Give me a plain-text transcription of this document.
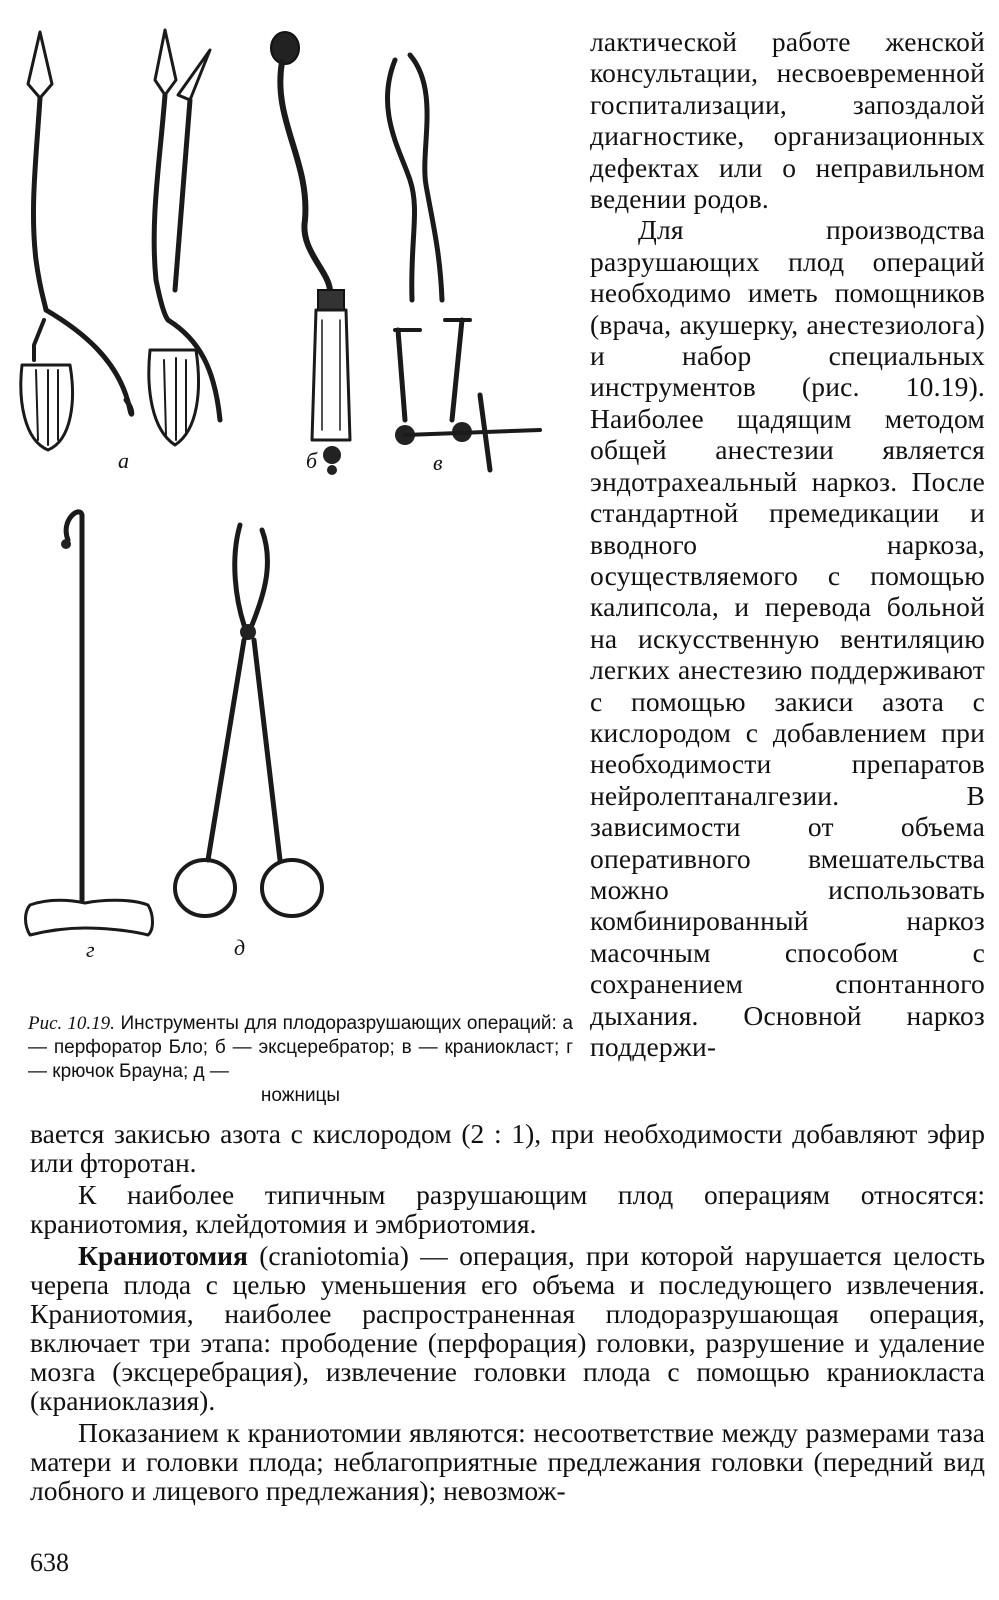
а	б	в
г	д
Рис. 10.19. Инструменты для плодоразрушающих операций: а — перфоратор Бло; б — эксцеребратор; в — краниокласт; г — крючок Брауна; д —
ножницы

лактической работе женской консультации, несвоевременной госпитализации, запоздалой диагностике, организационных дефектах или о неправильном ведении родов.

Для производства разрушающих плод операций необходимо иметь помощников (врача, акушерку, анестезиолога) и набор специальных инструментов (рис. 10.19). Наиболее щадящим методом общей анестезии является эндотрахеальный наркоз. После стандартной премедикации и вводного наркоза, осуществляемого с помощью калипсола, и перевода больной на искусственную вентиляцию легких анестезию поддерживают с помощью закиси азота с кислородом с добавлением при необходимости препаратов нейролептаналгезии. В зависимости от объема оперативного вмешательства можно использовать комбинированный наркоз масочным способом с сохранением спонтанного дыхания. Основной наркоз поддержи-

вается закисью азота с кислородом (2 : 1), при необходимости добавляют эфир или фторотан.

К наиболее типичным разрушающим плод операциям относятся: краниотомия, клейдотомия и эмбриотомия.

Краниотомия (craniotomia) — операция, при которой нарушается целость черепа плода с целью уменьшения его объема и последующего извлечения. Краниотомия, наиболее распространенная плодоразрушающая операция, включает три этапа: прободение (перфорация) головки, разрушение и удаление мозга (эксцеребрация), извлечение головки плода с помощью краниокласта (краниоклазия).

Показанием к краниотомии являются: несоответствие между размерами таза матери и головки плода; неблагоприятные предлежания головки (передний вид лобного и лицевого предлежания); невозмож-

638
